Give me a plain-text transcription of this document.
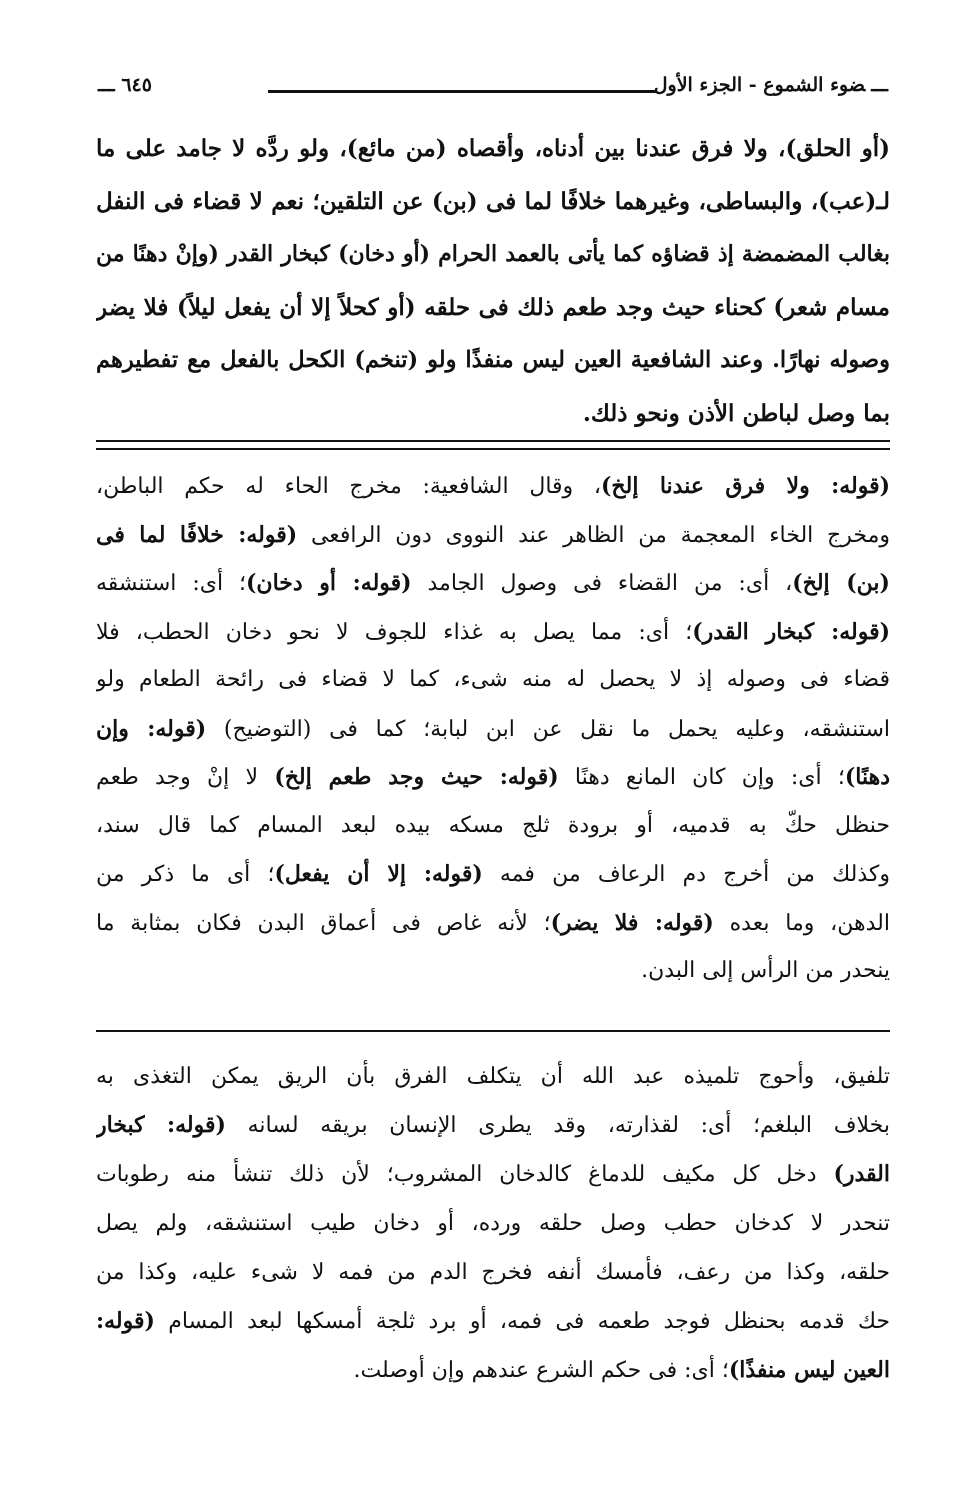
ـــضوء الشموع - الجزء الأول
٦٤٥ ـــ
(أو الحلق)، ولا فرق عندنا بين أدناه، وأقصاه (من مائع)، ولو ردَّه لا جامد على ما
لـ(عب)، والبساطى، وغيرهما خلافًا لما فى (بن) عن التلقين؛ نعم لا قضاء فى النفل
بغالب المضمضة إذ قضاؤه كما يأتى بالعمد الحرام (أو دخان) كبخار القدر (وإنْ دهنًا من
مسام شعر) كحناء حيث وجد طعم ذلك فى حلقه (أو كحلاً إلا أن يفعل ليلاً) فلا يضر
وصوله نهارًا. وعند الشافعية العين ليس منفذًا ولو (تنخم) الكحل بالفعل مع تفطيرهم
بما وصل لباطن الأذن ونحو ذلك.
(قوله: ولا فرق عندنا إلخ)، وقال الشافعية: مخرج الحاء له حكم الباطن،
ومخرج الخاء المعجمة من الظاهر عند النووى دون الرافعى (قوله: خلافًا لما فى
(بن) إلخ)، أى: من القضاء فى وصول الجامد (قوله: أو دخان)؛ أى: استنشقه
(قوله: كبخار القدر)؛ أى: مما يصل به غذاء للجوف لا نحو دخان الحطب، فلا
قضاء فى وصوله إذ لا يحصل له منه شىء، كما لا قضاء فى رائحة الطعام ولو
استنشقه، وعليه يحمل ما نقل عن ابن لبابة؛ كما فى (التوضيح) (قوله: وإن
دهنًا)؛ أى: وإن كان المانع دهنًا (قوله: حيث وجد طعم إلخ) لا إنْ وجد طعم
حنظل حكّ به قدميه، أو برودة ثلج مسكه بيده لبعد المسام كما قال سند،
وكذلك من أخرج دم الرعاف من فمه (قوله: إلا أن يفعل)؛ أى ما ذكر من
الدهن، وما بعده (قوله: فلا يضر)؛ لأنه غاص فى أعماق البدن فكان بمثابة ما
ينحدر من الرأس إلى البدن.
تلفيق، وأحوج تلميذه عبد الله أن يتكلف الفرق بأن الريق يمكن التغذى به
بخلاف البلغم؛ أى: لقذارته، وقد يطرى الإنسان بريقه لسانه (قوله: كبخار
القدر) دخل كل مكيف للدماغ كالدخان المشروب؛ لأن ذلك تنشأ منه رطوبات
تنحدر لا كدخان حطب وصل حلقه ورده، أو دخان طيب استنشقه، ولم يصل
حلقه، وكذا من رعف، فأمسك أنفه فخرج الدم من فمه لا شىء عليه، وكذا من
حك قدمه بحنظل فوجد طعمه فى فمه، أو برد ثلجة أمسكها لبعد المسام (قوله:
العين ليس منفذًا)؛ أى: فى حكم الشرع عندهم وإن أوصلت.
